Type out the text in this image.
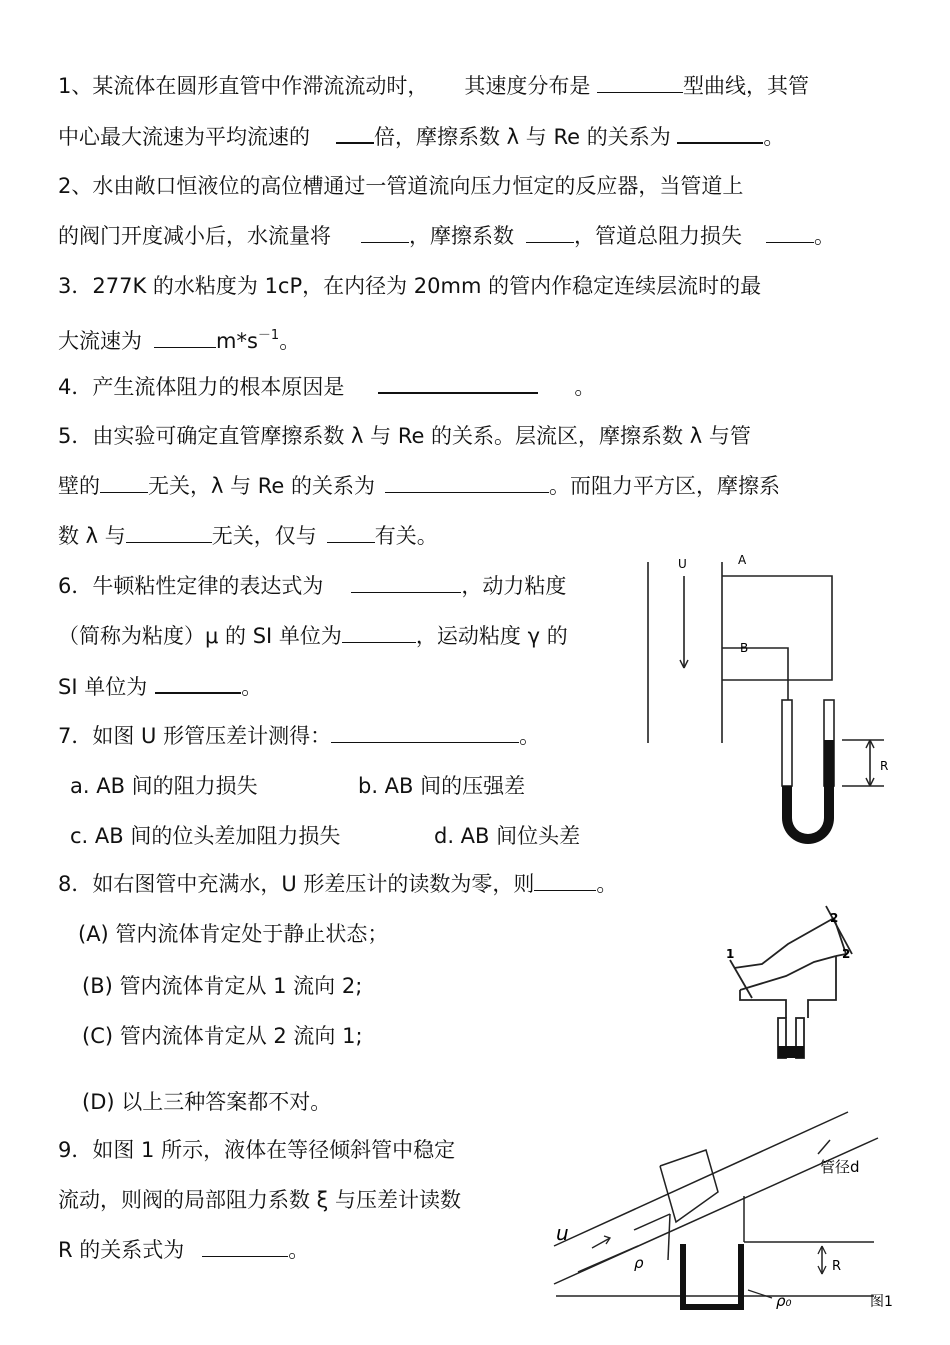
1、某流体在圆形直管中作滞流流动时， 其速度分布是	型曲线，其管
中心最大流速为平均流速的	倍，摩擦系数 λ 与 Re 的关系为	。
2、水由敞口恒液位的高位槽通过一管道流向压力恒定的反应器，当管道上
的阀门开度减小后，水流量将	，摩擦系数	，管道总阻力损失	。
3．277K 的水粘度为 1cP，在内径为 20mm 的管内作稳定连续层流时的最
大流速为	$m*s^{-1}$。
4．产生流体阻力的根本原因是	。
5．由实验可确定直管摩擦系数 λ 与 Re 的关系。层流区，摩擦系数 λ 与管
壁的 无关，λ 与 Re 的关系为	。而阻力平方区，摩擦系
数 λ 与	无关，仅与	有关。
6．牛顿粘性定律的表达式为	，动力粘度
（简称为粘度）μ 的 SI 单位为	，运动粘度 γ 的
SI 单位为	。
7．如图 U 形管压差计测得：	。
a. AB 间的阻力损失	b. AB 间的压强差
c. AB 间的位头差加阻力损失	d. AB 间位头差
8．如右图管中充满水，U 形差压计的读数为零，则	。
(A) 管内流体肯定处于静止状态；
(B) 管内流体肯定从 1 流向 2;
(C) 管内流体肯定从 2 流向 1;
(D) 以上三种答案都不对。
9．如图 1 所示，液体在等径倾斜管中稳定
流动，则阀的局部阻力系数 ξ 与压差计读数
R 的关系式为	。
U	A
B
R
1
2
2
u
管径d
ρ
ρ₀
R
图1
